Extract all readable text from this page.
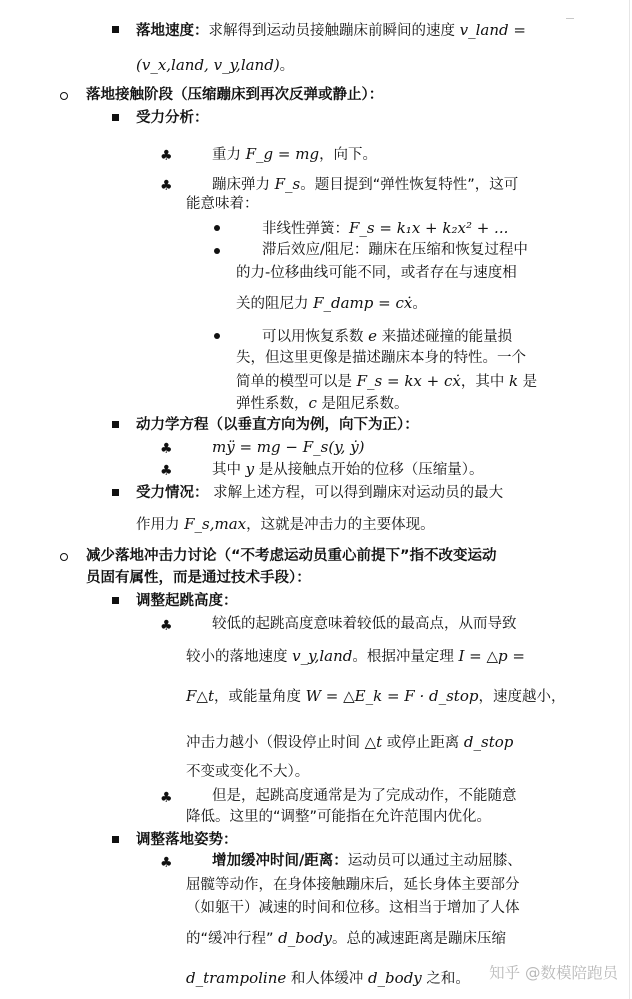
落地速度：求解得到运动员接触蹦床前瞬间的速度 v_land =
(v_x,land, v_y,land)。
落地接触阶段（压缩蹦床到再次反弹或静止）：
受力分析：
♣	重力 F_g = mg，向下。
♣	蹦床弹力 F_s。题目提到“弹性恢复特性”，这可
能意味着：
非线性弹簧：F_s = k₁x + k₂x² + ...
滞后效应/阻尼：蹦床在压缩和恢复过程中
的力-位移曲线可能不同，或者存在与速度相
关的阻尼力 F_damp = cẋ。
可以用恢复系数 e 来描述碰撞的能量损
失，但这里更像是描述蹦床本身的特性。一个
简单的模型可以是 F_s = kx + cẋ，其中 k 是
弹性系数，c 是阻尼系数。
动力学方程（以垂直方向为例，向下为正）：
♣	mÿ = mg − F_s(y, ẏ)
♣	其中 y 是从接触点开始的位移（压缩量）。
受力情况： 求解上述方程，可以得到蹦床对运动员的最大
作用力 F_s,max，这就是冲击力的主要体现。
减少落地冲击力讨论（“不考虑运动员重心前提下”指不改变运动
员固有属性，而是通过技术手段）：
调整起跳高度：
♣	较低的起跳高度意味着较低的最高点，从而导致
较小的落地速度 v_y,land。根据冲量定理 I = △p =
F△t，或能量角度 W = △E_k = F · d_stop，速度越小，
冲击力越小（假设停止时间 △t 或停止距离 d_stop
不变或变化不大）。
♣	但是，起跳高度通常是为了完成动作，不能随意
降低。这里的“调整”可能指在允许范围内优化。
调整落地姿势：
♣	增加缓冲时间/距离：运动员可以通过主动屈膝、
屈髋等动作，在身体接触蹦床后，延长身体主要部分
（如躯干）减速的时间和位移。这相当于增加了人体
的“缓冲行程” d_body。总的减速距离是蹦床压缩
d_trampoline 和人体缓冲 d_body 之和。 知乎 @数模陪跑员
